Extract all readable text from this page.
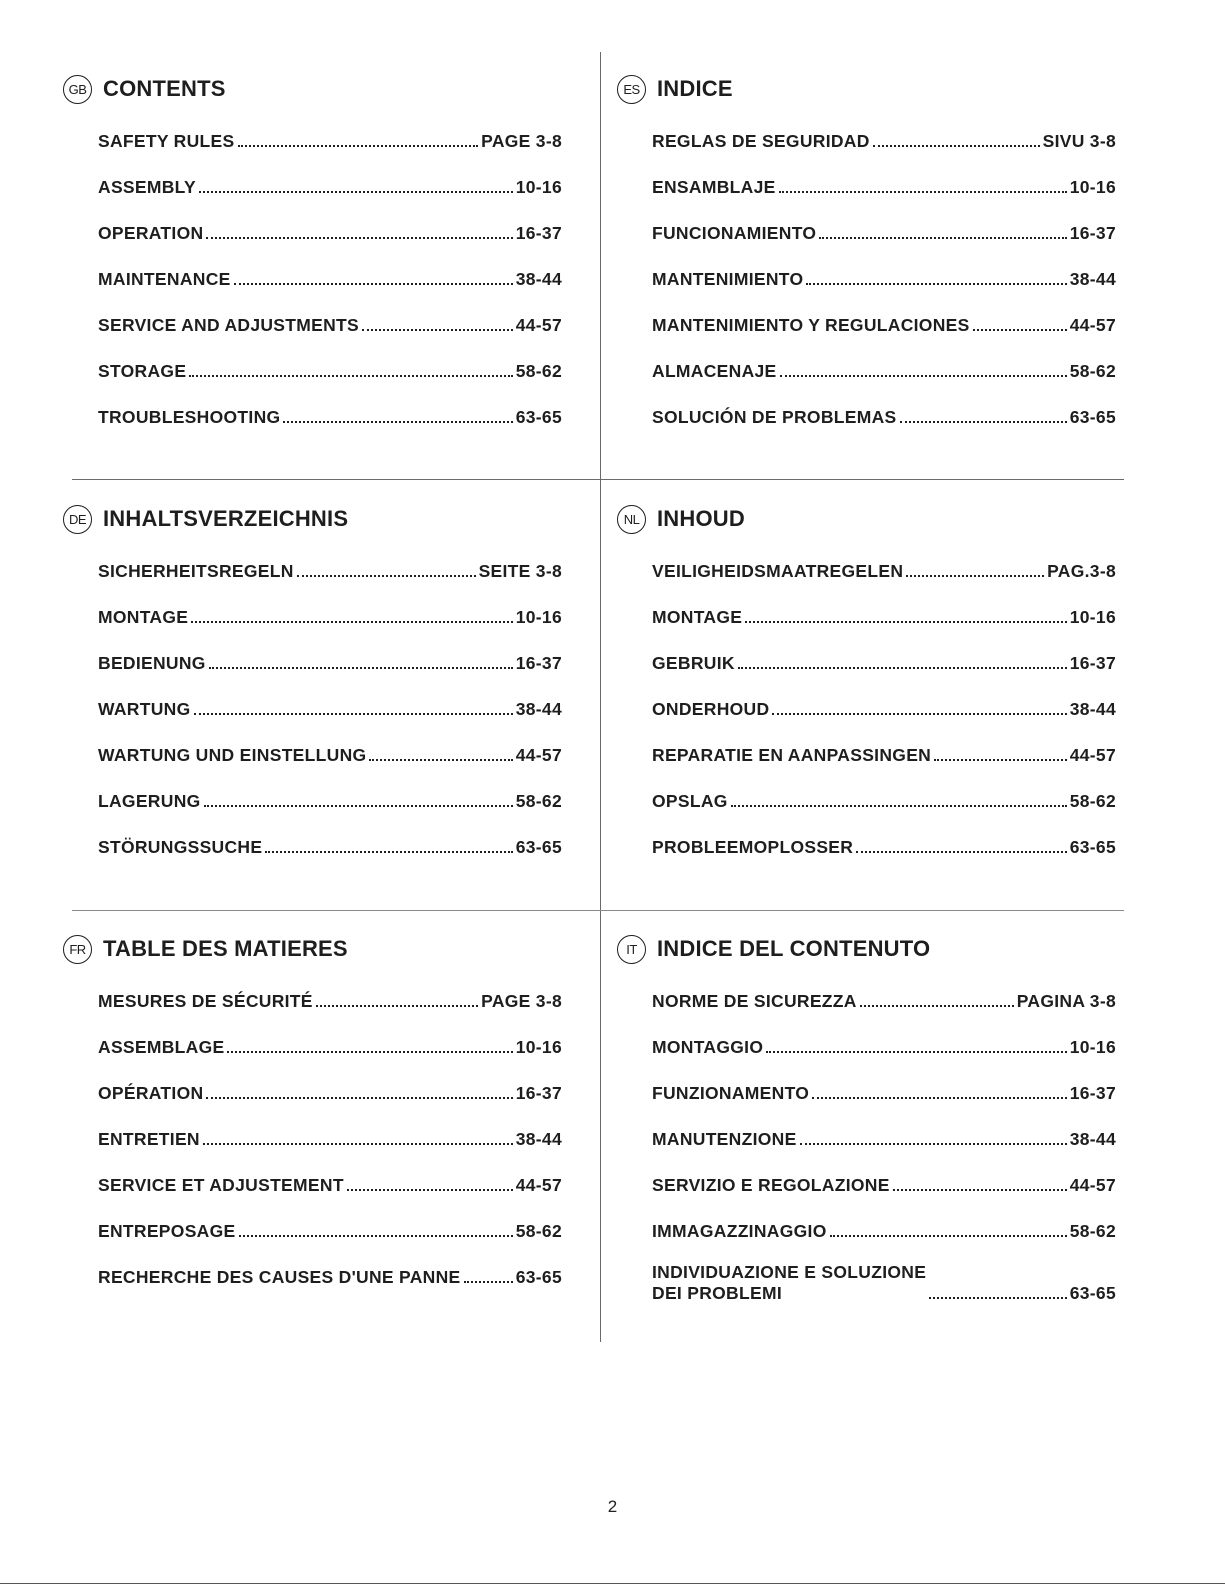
GB CONTENTS
SAFETY RULES	PAGE 3-8
ASSEMBLY	10-16
OPERATION	16-37
MAINTENANCE	38-44
SERVICE AND ADJUSTMENTS	44-57
STORAGE	58-62
TROUBLESHOOTING	63-65
ES INDICE
REGLAS DE SEGURIDAD	SIVU 3-8
ENSAMBLAJE	10-16
FUNCIONAMIENTO	16-37
MANTENIMIENTO	38-44
MANTENIMIENTO Y REGULACIONES	44-57
ALMACENAJE	58-62
SOLUCIÓN DE PROBLEMAS	63-65
DE INHALTSVERZEICHNIS
SICHERHEITSREGELN	SEITE 3-8
MONTAGE	10-16
BEDIENUNG	16-37
WARTUNG	38-44
WARTUNG UND EINSTELLUNG	44-57
LAGERUNG	58-62
STÖRUNGSSUCHE	63-65
NL INHOUD
VEILIGHEIDSMAATREGELEN	PAG.3-8
MONTAGE	10-16
GEBRUIK	16-37
ONDERHOUD	38-44
REPARATIE EN AANPASSINGEN	44-57
OPSLAG	58-62
PROBLEEMOPLOSSER	63-65
FR TABLE DES MATIERES
MESURES DE SÉCURITÉ	PAGE 3-8
ASSEMBLAGE	10-16
OPÉRATION	16-37
ENTRETIEN	38-44
SERVICE ET ADJUSTEMENT	44-57
ENTREPOSAGE	58-62
RECHERCHE DES CAUSES D'UNE PANNE	63-65
IT INDICE DEL CONTENUTO
NORME DE SICUREZZA	PAGINA 3-8
MONTAGGIO	10-16
FUNZIONAMENTO	16-37
MANUTENZIONE	38-44
SERVIZIO E REGOLAZIONE	44-57
IMMAGAZZINAGGIO	58-62
INDIVIDUAZIONE E SOLUZIONE
DEI PROBLEMI	63-65
2
